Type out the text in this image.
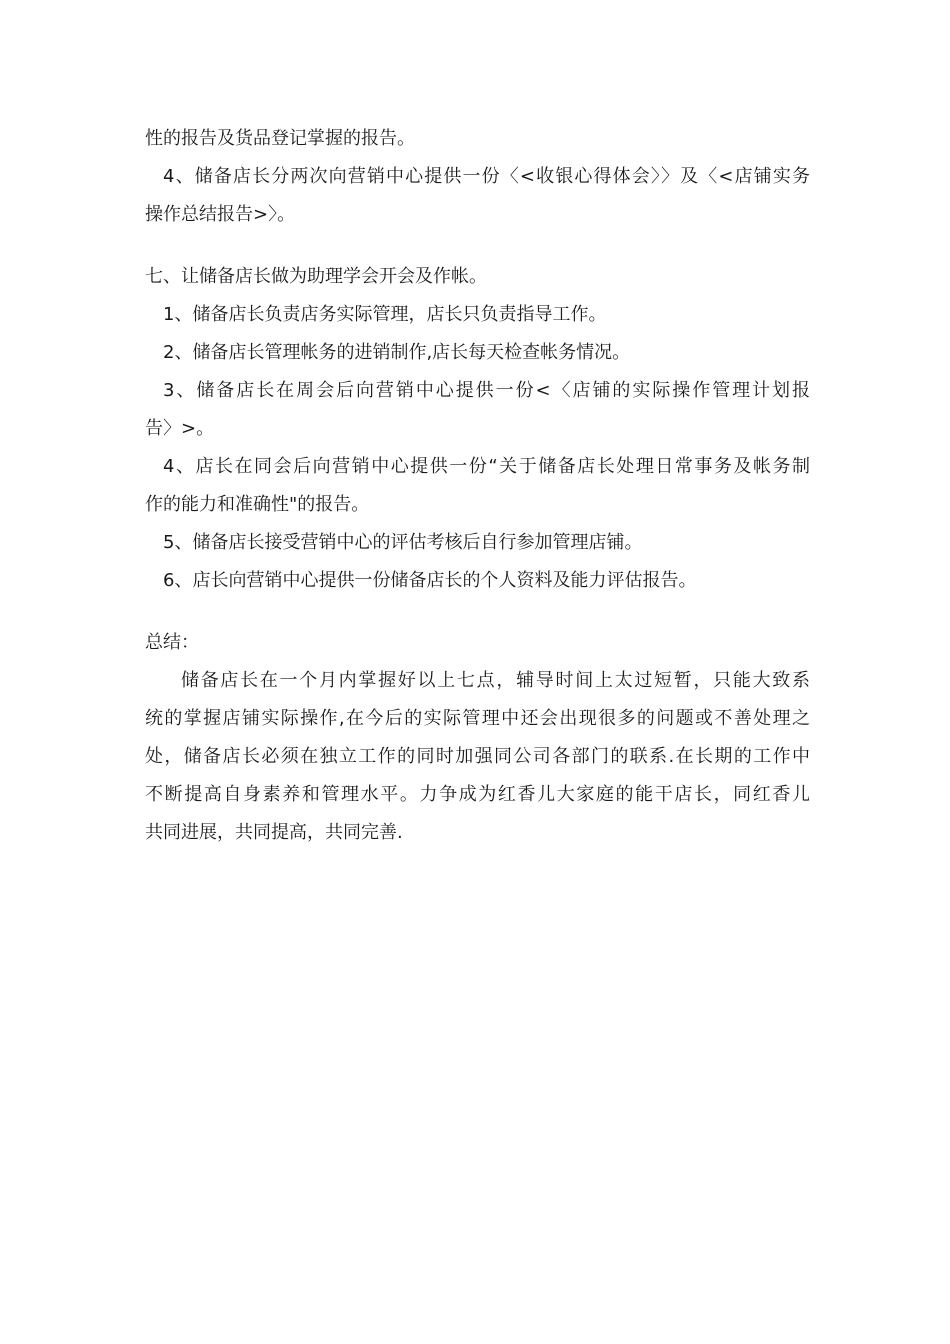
性的报告及货品登记掌握的报告。

4、储备店长分两次向营销中心提供一份〈<收银心得体会〉〉及〈<店铺实务

操作总结报告>〉。

七、让储备店长做为助理学会开会及作帐。

1、储备店长负责店务实际管理，店长只负责指导工作。

2、储备店长管理帐务的进销制作,店长每天检查帐务情况。

3、储备店长在周会后向营销中心提供一份<〈店铺的实际操作管理计划报

告〉>。

4、店长在同会后向营销中心提供一份“关于储备店长处理日常事务及帐务制

作的能力和准确性"的报告。

5、储备店长接受营销中心的评估考核后自行参加管理店铺。

6、店长向营销中心提供一份储备店长的个人资料及能力评估报告。

总结：

储备店长在一个月内掌握好以上七点，辅导时间上太过短暂，只能大致系

统的掌握店铺实际操作,在今后的实际管理中还会出现很多的问题或不善处理之

处，储备店长必须在独立工作的同时加强同公司各部门的联系.在长期的工作中

不断提高自身素养和管理水平。力争成为红香儿大家庭的能干店长，同红香儿

共同进展，共同提高，共同完善.
